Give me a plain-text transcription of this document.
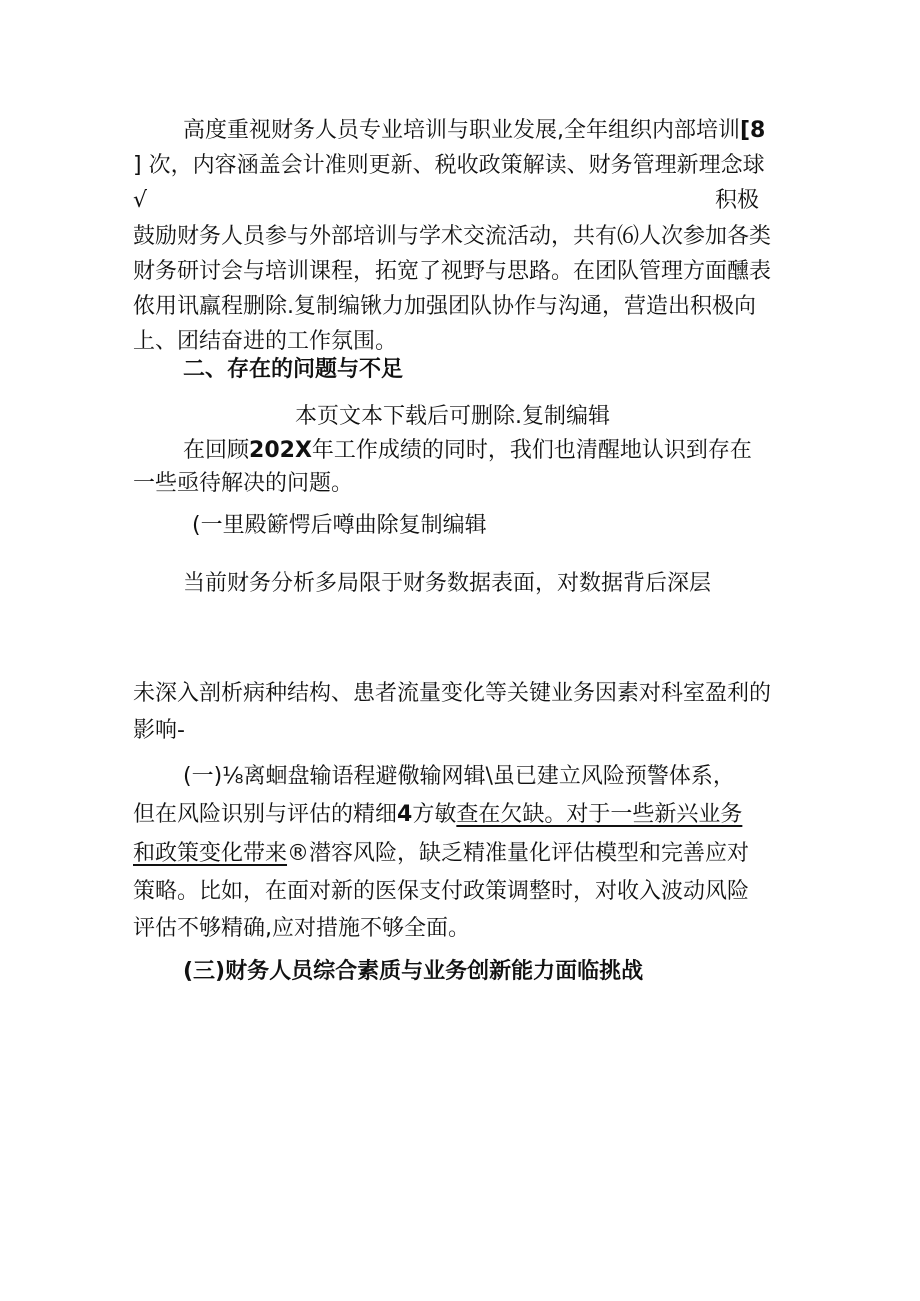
高度重视财务人员专业培训与职业发展,全年组织内部培训[8
] 次，内容涵盖会计准则更新、税收政策解读、财务管理新理念球
√	积极
鼓励财务人员参与外部培训与学术交流活动，共有⑹人次参加各类
财务研讨会与培训课程，拓宽了视野与思路。在团队管理方面醺表
侬用讯羸程删除.复制编锹力加强团队协作与沟通，营造出积极向
上、团结奋进的工作氛围。
二、存在的问题与不足
本页文本下载后可删除.复制编辑
在回顾202X年工作成绩的同时，我们也清醒地认识到存在
一些亟待解决的问题。
(一里殿簖愕后噂曲除复制编辑
当前财务分析多局限于财务数据表面，对数据背后深层
未深入剖析病种结构、患者流量变化等关键业务因素对科室盈利的
影响-
(一)⅛离蛔盘输语程避儆输网辑\虽已建立风险预警体系，
但在风险识别与评估的精细4方敏查在欠缺。对于一些新兴业务
和政策变化带来®潜容风险，缺乏精准量化评估模型和完善应对
策略。比如，在面对新的医保支付政策调整时，对收入波动风险
评估不够精确,应对措施不够全面。
(三)财务人员综合素质与业务创新能力面临挑战
